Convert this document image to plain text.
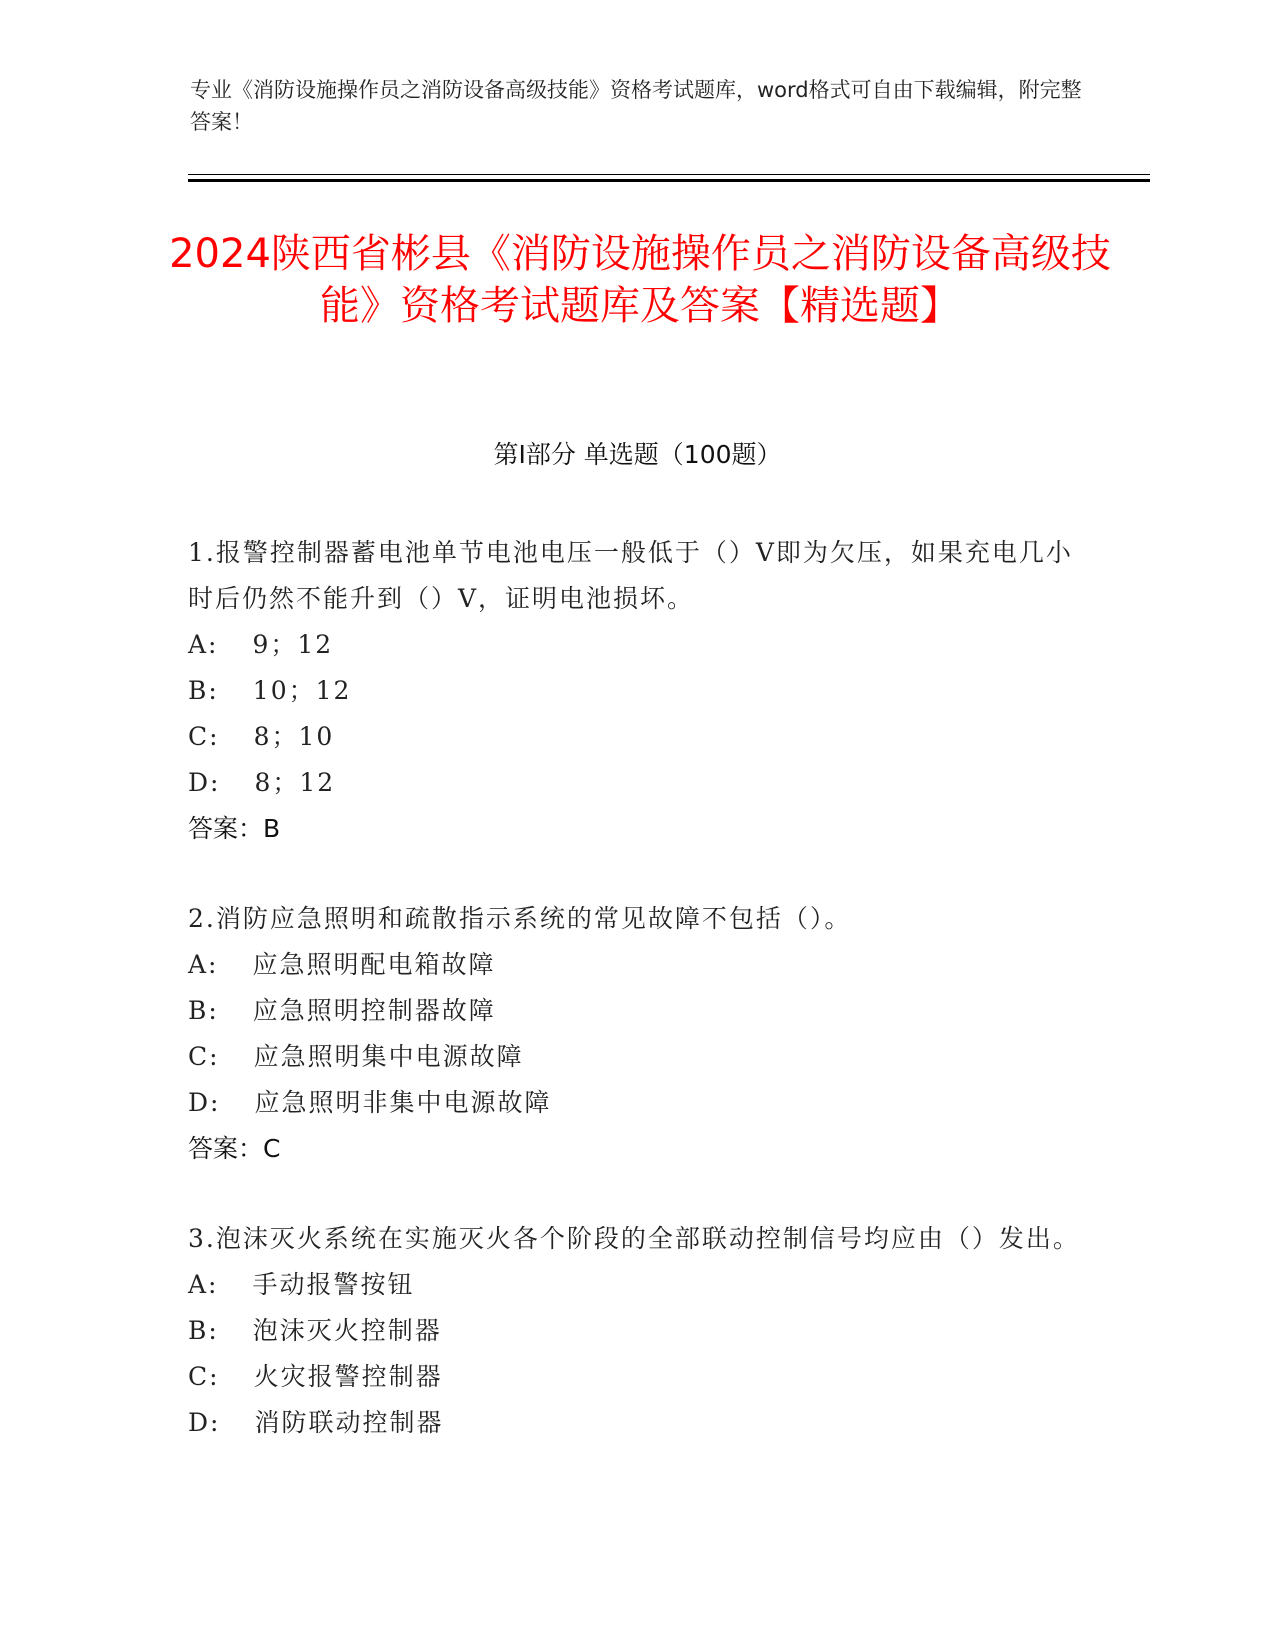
专业《消防设施操作员之消防设备高级技能》资格考试题库，word格式可自由下载编辑，附完整答案！
2024陕西省彬县《消防设施操作员之消防设备高级技能》资格考试题库及答案【精选题】
第I部分 单选题（100题）
1.报警控制器蓄电池单节电池电压一般低于（）V即为欠压，如果充电几小时后仍然不能升到（）V，证明电池损坏。
A: 9；12
B: 10；12
C: 8；10
D: 8；12
答案：B
2.消防应急照明和疏散指示系统的常见故障不包括（）。
A: 应急照明配电箱故障
B: 应急照明控制器故障
C: 应急照明集中电源故障
D: 应急照明非集中电源故障
答案：C
3.泡沫灭火系统在实施灭火各个阶段的全部联动控制信号均应由（）发出。
A: 手动报警按钮
B: 泡沫灭火控制器
C: 火灾报警控制器
D: 消防联动控制器
